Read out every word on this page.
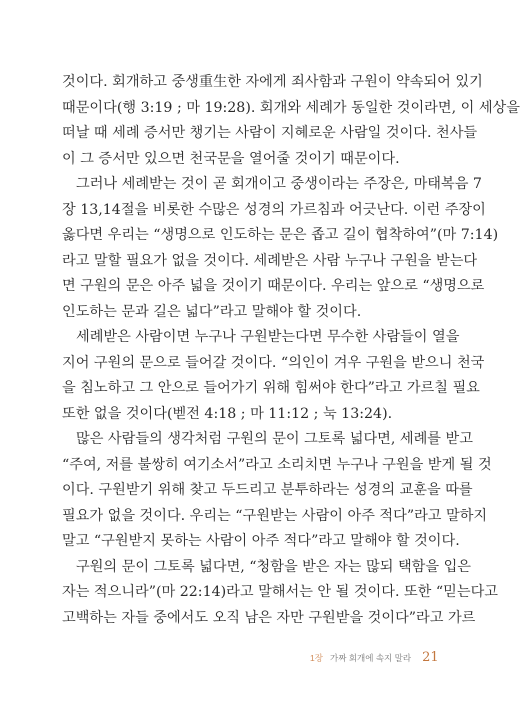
것이다. 회개하고 중생重生한 자에게 죄사함과 구원이 약속되어 있기
때문이다(행 3:19 ; 마 19:28). 회개와 세례가 동일한 것이라면, 이 세상을
떠날 때 세례 증서만 챙기는 사람이 지혜로운 사람일 것이다. 천사들
이 그 증서만 있으면 천국문을 열어줄 것이기 때문이다.
그러나 세례받는 것이 곧 회개이고 중생이라는 주장은, 마태복음 7
장 13,14절을 비롯한 수많은 성경의 가르침과 어긋난다. 이런 주장이
옳다면 우리는 “생명으로 인도하는 문은 좁고 길이 협착하여”(마 7:14)
라고 말할 필요가 없을 것이다. 세례받은 사람 누구나 구원을 받는다
면 구원의 문은 아주 넓을 것이기 때문이다. 우리는 앞으로 “생명으로
인도하는 문과 길은 넓다”라고 말해야 할 것이다.
세례받은 사람이면 누구나 구원받는다면 무수한 사람들이 열을
지어 구원의 문으로 들어갈 것이다. “의인이 겨우 구원을 받으니 천국
을 침노하고 그 안으로 들어가기 위해 힘써야 한다”라고 가르칠 필요
또한 없을 것이다(벧전 4:18 ; 마 11:12 ; 눅 13:24).
많은 사람들의 생각처럼 구원의 문이 그토록 넓다면, 세례를 받고
“주여, 저를 불쌍히 여기소서”라고 소리치면 누구나 구원을 받게 될 것
이다. 구원받기 위해 찾고 두드리고 분투하라는 성경의 교훈을 따를
필요가 없을 것이다. 우리는 “구원받는 사람이 아주 적다”라고 말하지
말고 “구원받지 못하는 사람이 아주 적다”라고 말해야 할 것이다.
구원의 문이 그토록 넓다면, “청함을 받은 자는 많되 택함을 입은
자는 적으니라”(마 22:14)라고 말해서는 안 될 것이다. 또한 “믿는다고
고백하는 자들 중에서도 오직 남은 자만 구원받을 것이다”라고 가르
1장 가짜 회개에 속지 말라 21
